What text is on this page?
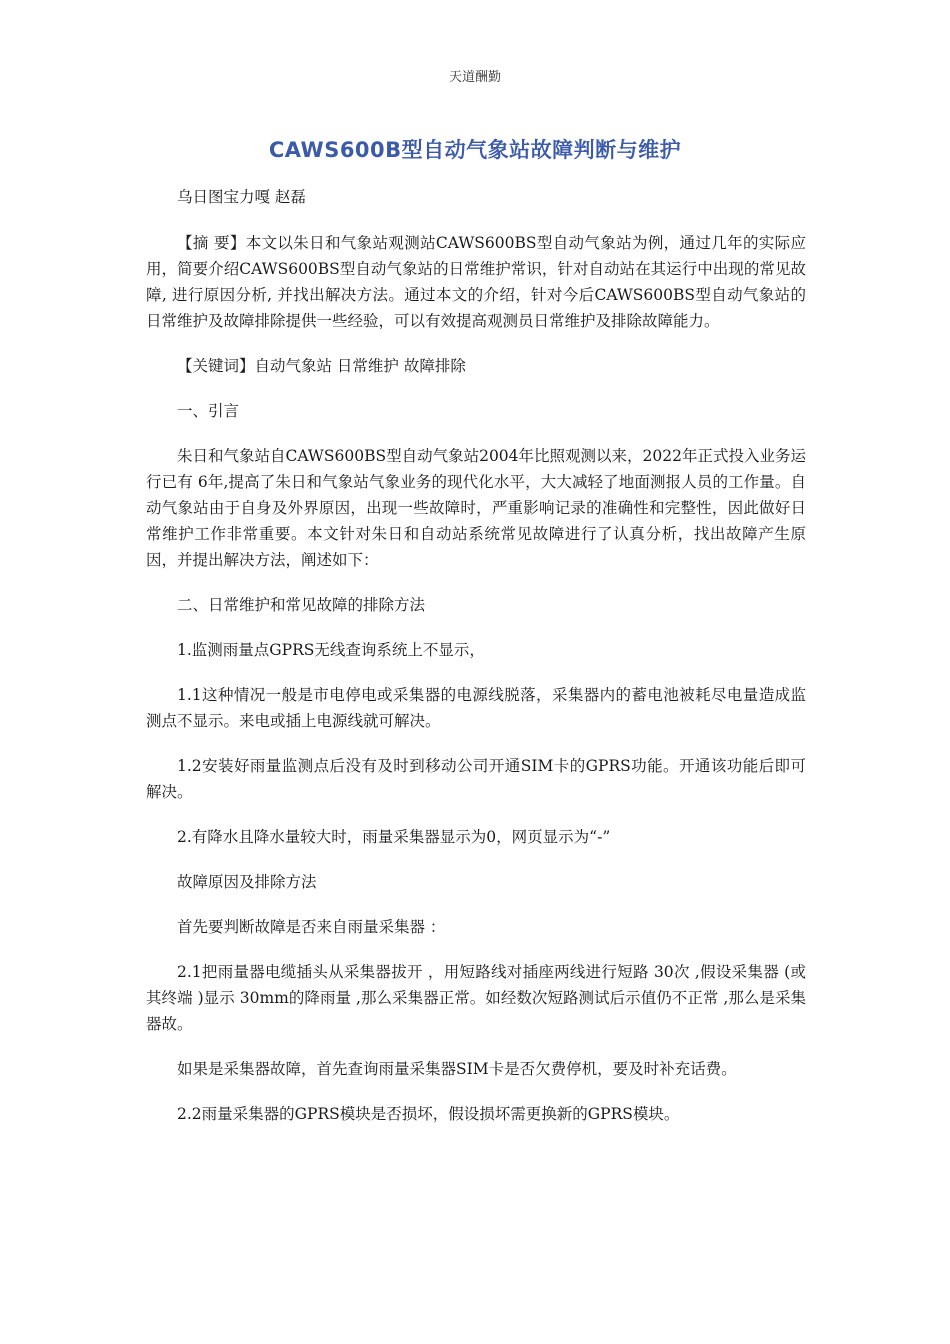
天道酬勤
CAWS600B型自动气象站故障判断与维护

乌日图宝力嘎 赵磊

【摘 要】本文以朱日和气象站观测站CAWS600BS型自动气象站为例，通过几年的实际应用，简要介绍CAWS600BS型自动气象站的日常维护常识，针对自动站在其运行中出现的常见故障, 进行原因分析, 并找出解决方法。通过本文的介绍，针对今后CAWS600BS型自动气象站的日常维护及故障排除提供一些经验，可以有效提高观测员日常维护及排除故障能力。

【关键词】自动气象站 日常维护 故障排除

一、引言

朱日和气象站自CAWS600BS型自动气象站2004年比照观测以来，2022年正式投入业务运行已有 6年,提高了朱日和气象站气象业务的现代化水平，大大减轻了地面测报人员的工作量。自动气象站由于自身及外界原因，出现一些故障时，严重影响记录的准确性和完整性，因此做好日常维护工作非常重要。本文针对朱日和自动站系统常见故障进行了认真分析，找出故障产生原因，并提出解决方法，阐述如下：

二、日常维护和常见故障的排除方法

1.监测雨量点GPRS无线查询系统上不显示，

1.1这种情况一般是市电停电或采集器的电源线脱落，采集器内的蓄电池被耗尽电量造成监测点不显示。来电或插上电源线就可解决。

1.2安装好雨量监测点后没有及时到移动公司开通SIM卡的GPRS功能。开通该功能后即可解决。

2.有降水且降水量较大时，雨量采集器显示为0，网页显示为“-”

故障原因及排除方法

首先要判断故障是否来自雨量采集器 ：

2.1把雨量器电缆插头从采集器拔开 ，用短路线对插座两线进行短路 30次 ,假设采集器 (或其终端 )显示 30mm的降雨量 ,那么采集器正常。如经数次短路测试后示值仍不正常 ,那么是采集器故。

如果是采集器故障，首先查询雨量采集器SIM卡是否欠费停机，要及时补充话费。

2.2雨量采集器的GPRS模块是否损坏，假设损坏需更换新的GPRS模块。
